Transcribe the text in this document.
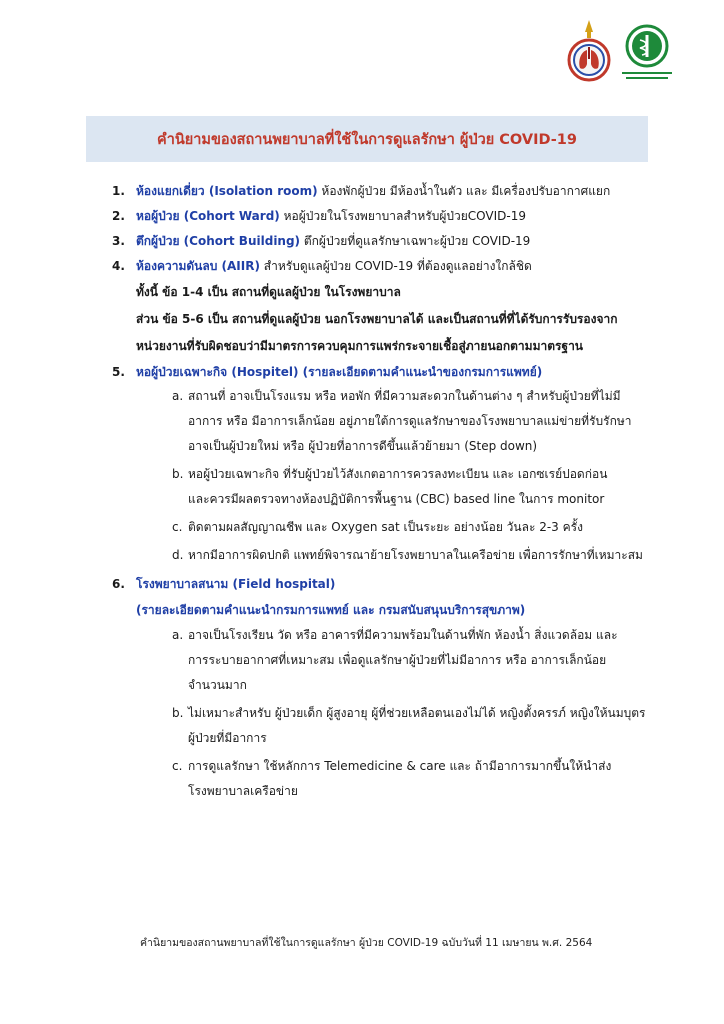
คำนิยามของสถานพยาบาลที่ใช้ในการดูแลรักษา ผู้ป่วย COVID-19
1. ห้องแยกเดี่ยว (Isolation room) ห้องพักผู้ป่วย มีห้องน้ำในตัว และ มีเครื่องปรับอากาศแยก
2. หอผู้ป่วย (Cohort Ward) หอผู้ป่วยในโรงพยาบาลสำหรับผู้ป่วยCOVID-19
3. ตึกผู้ป่วย (Cohort Building) ตึกผู้ป่วยที่ดูแลรักษาเฉพาะผู้ป่วย COVID-19
4. ห้องความดันลบ (AIIR) สำหรับดูแลผู้ป่วย COVID-19 ที่ต้องดูแลอย่างใกล้ชิด
ทั้งนี้ ข้อ 1-4 เป็น สถานที่ดูแลผู้ป่วย ในโรงพยาบาล
ส่วน ข้อ 5-6 เป็น สถานที่ดูแลผู้ป่วย นอกโรงพยาบาลได้ และเป็นสถานที่ที่ได้รับการรับรองจาก
หน่วยงานที่รับผิดชอบว่ามีมาตรการควบคุมการแพร่กระจายเชื้อสู่ภายนอกตามมาตรฐาน
5. หอผู้ป่วยเฉพาะกิจ (Hospitel) (รายละเอียดตามคำแนะนำของกรมการแพทย์)
a. สถานที่ อาจเป็นโรงแรม หรือ หอพัก ที่มีความสะดวกในด้านต่าง ๆ สำหรับผู้ป่วยที่ไม่มี
อาการ หรือ มีอาการเล็กน้อย อยู่ภายใต้การดูแลรักษาของโรงพยาบาลแม่ข่ายที่รับรักษา
อาจเป็นผู้ป่วยใหม่ หรือ ผู้ป่วยที่อาการดีขึ้นแล้วย้ายมา (Step down)
b. หอผู้ป่วยเฉพาะกิจ ที่รับผู้ป่วยไว้สังเกตอาการควรลงทะเบียน และ เอกซเรย์ปอดก่อน
และควรมีผลตรวจทางห้องปฏิบัติการพื้นฐาน (CBC) based line ในการ monitor
c. ติดตามผลสัญญาณชีพ และ Oxygen sat เป็นระยะ อย่างน้อย วันละ 2-3 ครั้ง
d. หากมีอาการผิดปกติ แพทย์พิจารณาย้ายโรงพยาบาลในเครือข่าย เพื่อการรักษาที่เหมาะสม
6. โรงพยาบาลสนาม (Field hospital)
(รายละเอียดตามคำแนะนำกรมการแพทย์ และ กรมสนับสนุนบริการสุขภาพ)
a. อาจเป็นโรงเรียน วัด หรือ อาคารที่มีความพร้อมในด้านที่พัก ห้องน้ำ สิ่งแวดล้อม และ
การระบายอากาศที่เหมาะสม เพื่อดูแลรักษาผู้ป่วยที่ไม่มีอาการ หรือ อาการเล็กน้อย
จำนวนมาก
b. ไม่เหมาะสำหรับ ผู้ป่วยเด็ก ผู้สูงอายุ ผู้ที่ช่วยเหลือตนเองไม่ได้ หญิงตั้งครรภ์ หญิงให้นมบุตร
ผู้ป่วยที่มีอาการ
c. การดูแลรักษา ใช้หลักการ Telemedicine & care และ ถ้ามีอาการมากขึ้นให้นำส่ง
โรงพยาบาลเครือข่าย
คำนิยามของสถานพยาบาลที่ใช้ในการดูแลรักษา ผู้ป่วย COVID-19 ฉบับวันที่ 11 เมษายน พ.ศ. 2564
